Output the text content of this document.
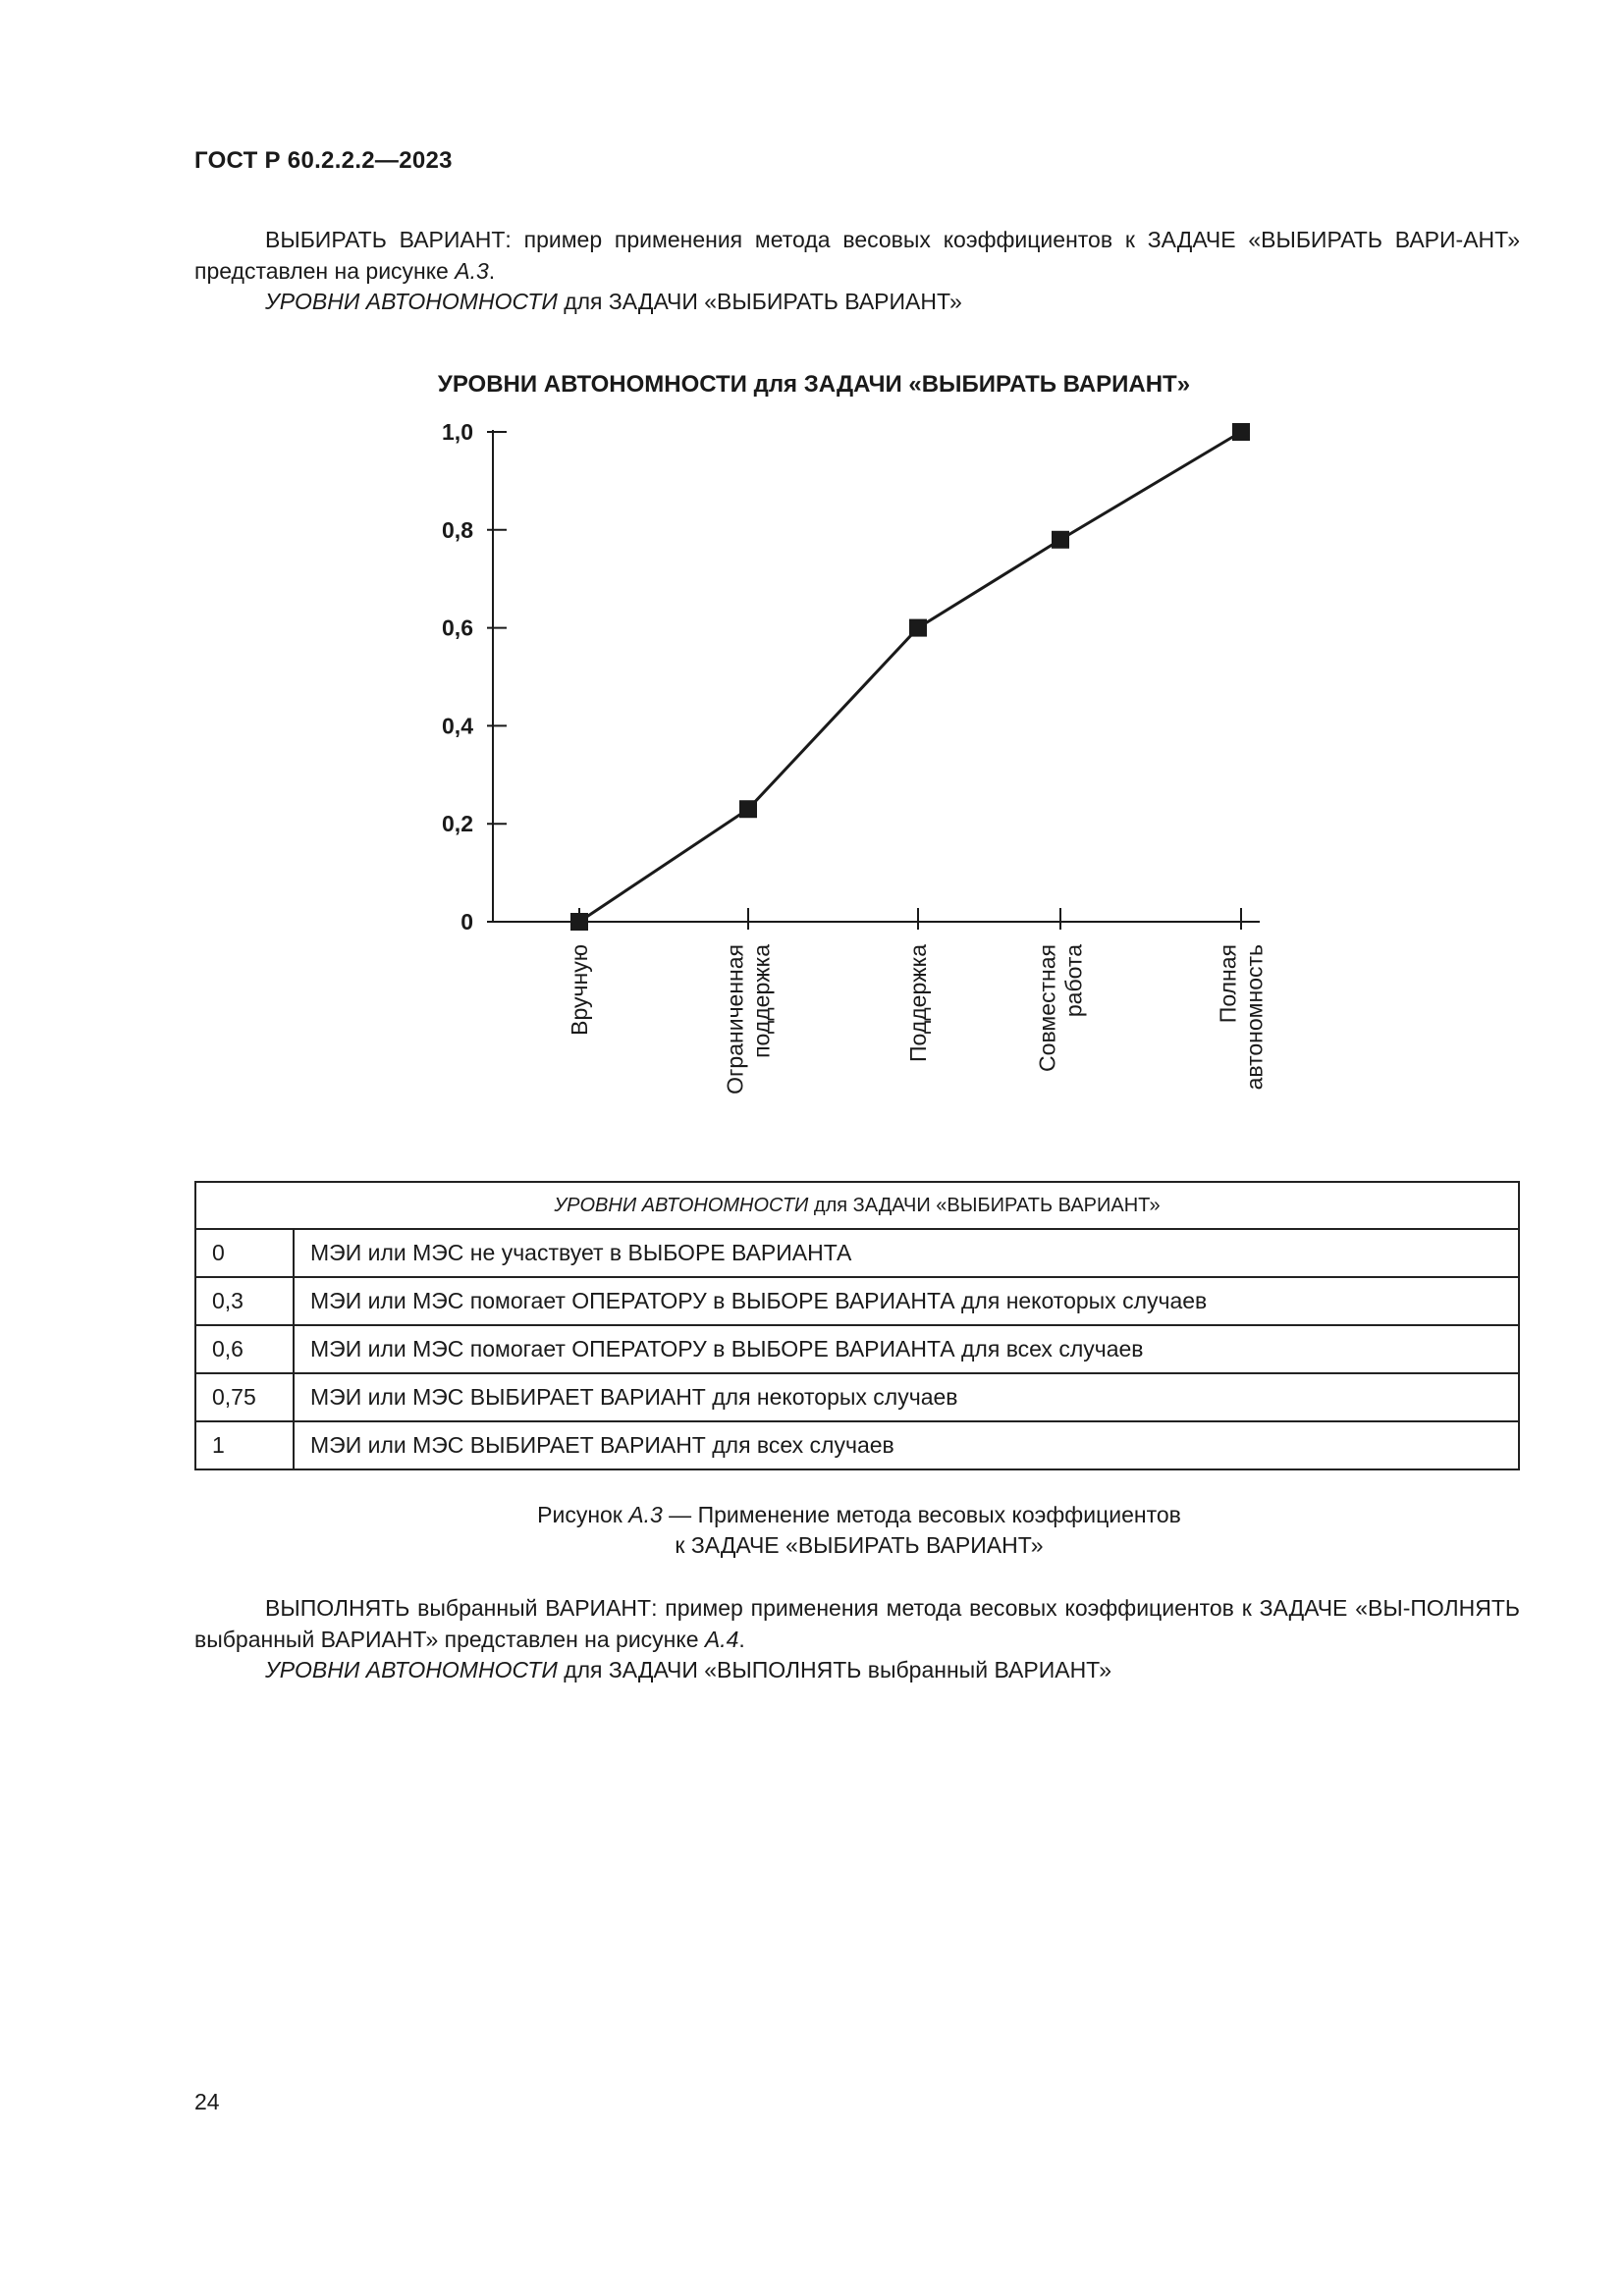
ГОСТ Р 60.2.2.2—2023
ВЫБИРАТЬ ВАРИАНТ: пример применения метода весовых коэффициентов к ЗАДАЧЕ «ВЫБИРАТЬ ВАРИ-АНТ» представлен на рисунке А.3.
УРОВНИ АВТОНОМНОСТИ для ЗАДАЧИ «ВЫБИРАТЬ ВАРИАНТ»
УРОВНИ АВТОНОМНОСТИ для ЗАДАЧИ «ВЫБИРАТЬ ВАРИАНТ»
0
0,2
0,4
0,6
0,8
1,0
Вручную	Ограниченная поддержка	Поддержка	Совместная работа	Полная автономность
УРОВНИ АВТОНОМНОСТИ для ЗАДАЧИ «ВЫБИРАТЬ ВАРИАНТ»	
0	МЭИ или МЭС не участвует в ВЫБОРЕ ВАРИАНТА
0,3	МЭИ или МЭС помогает ОПЕРАТОРУ в ВЫБОРЕ ВАРИАНТА для некоторых случаев
0,6	МЭИ или МЭС помогает ОПЕРАТОРУ в ВЫБОРЕ ВАРИАНТА для всех случаев
0,75	МЭИ или МЭС ВЫБИРАЕТ ВАРИАНТ для некоторых случаев
1	МЭИ или МЭС ВЫБИРАЕТ ВАРИАНТ для всех случаев
Рисунок А.3 — Применение метода весовых коэффициентов
к ЗАДАЧЕ «ВЫБИРАТЬ ВАРИАНТ»
ВЫПОЛНЯТЬ выбранный ВАРИАНТ: пример применения метода весовых коэффициентов к ЗАДАЧЕ «ВЫ-ПОЛНЯТЬ выбранный ВАРИАНТ» представлен на рисунке А.4.
УРОВНИ АВТОНОМНОСТИ для ЗАДАЧИ «ВЫПОЛНЯТЬ выбранный ВАРИАНТ»
24
